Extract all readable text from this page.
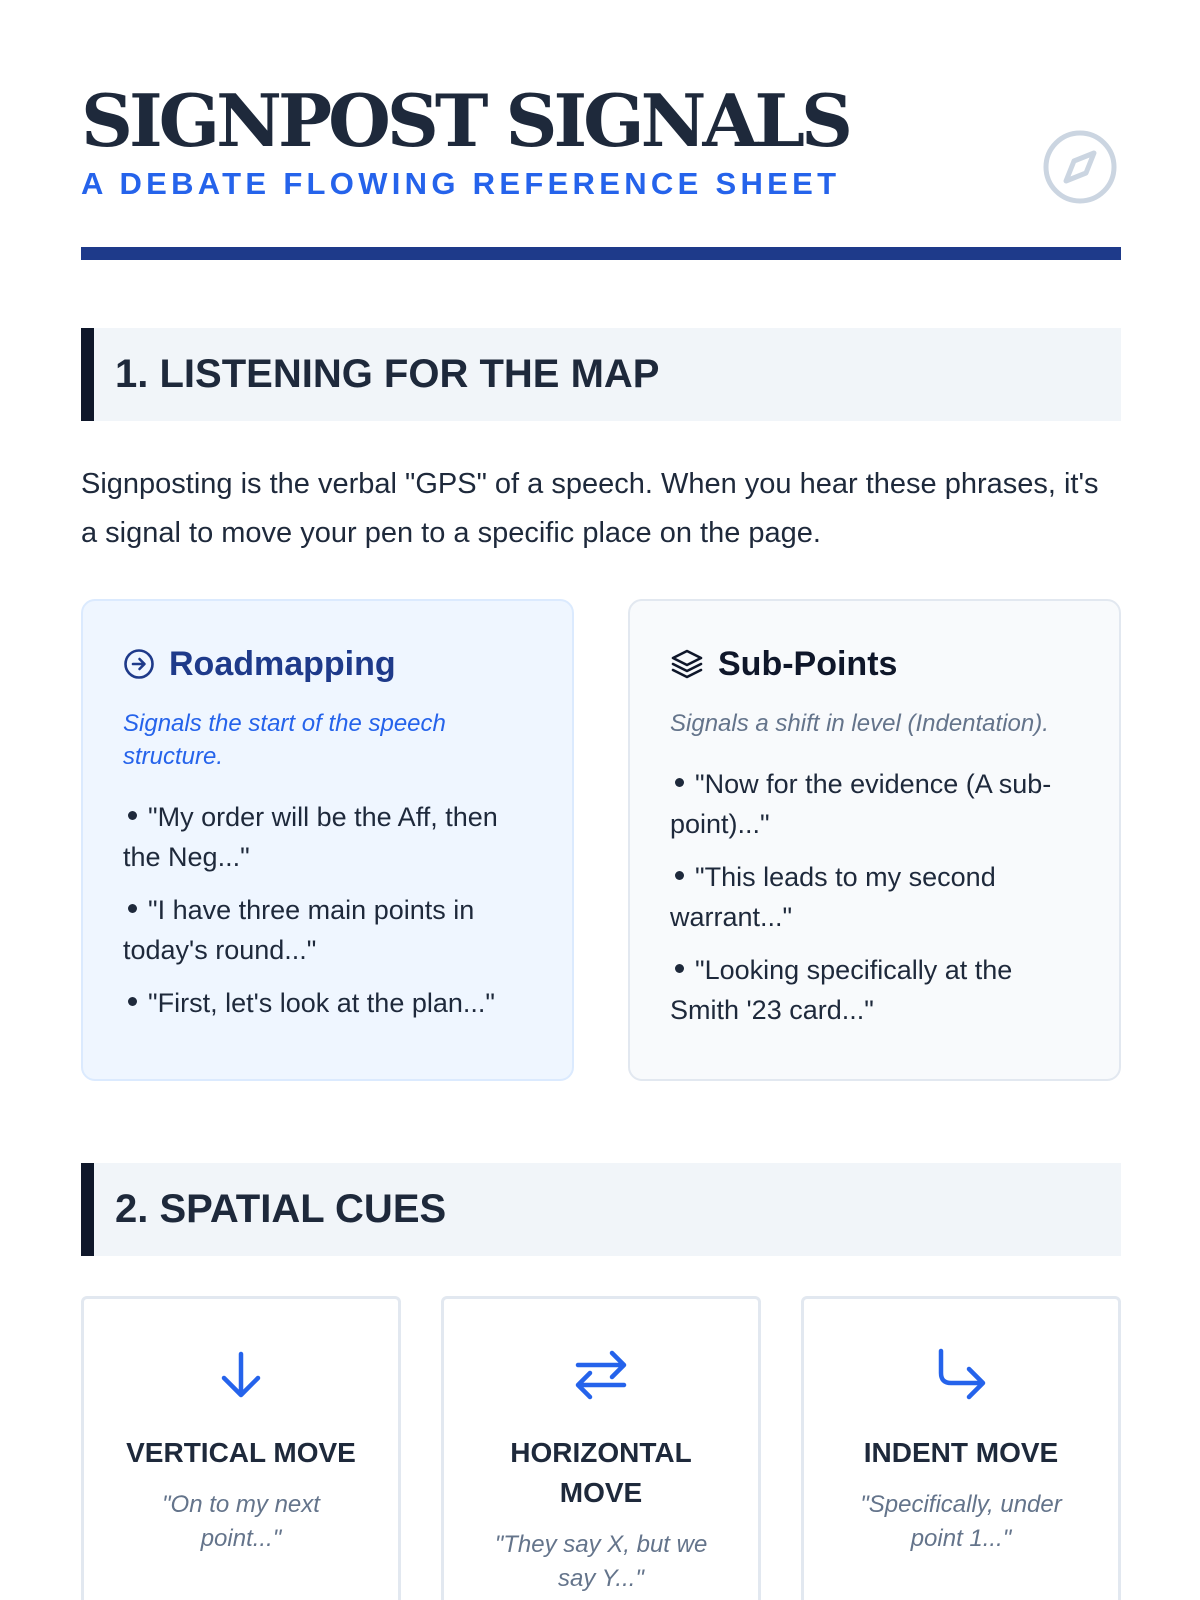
SIGNPOST SIGNALS
A DEBATE FLOWING REFERENCE SHEET
1. LISTENING FOR THE MAP

Signposting is the verbal "GPS" of a speech. When you hear these phrases, it's a signal to move your pen to a specific place on the page.

Roadmapping
Signals the start of the speech structure.
"My order will be the Aff, then the Neg..."
"I have three main points in today's round..."
"First, let's look at the plan..."
Sub-Points
Signals a shift in level (Indentation).
"Now for the evidence (A sub-point)..."
"This leads to my second warrant..."
"Looking specifically at the Smith '23 card..."
2. SPATIAL CUES
VERTICAL MOVE

"On to my next point..."

HORIZONTAL MOVE

"They say X, but we say Y..."

INDENT MOVE

"Specifically, under point 1..."
